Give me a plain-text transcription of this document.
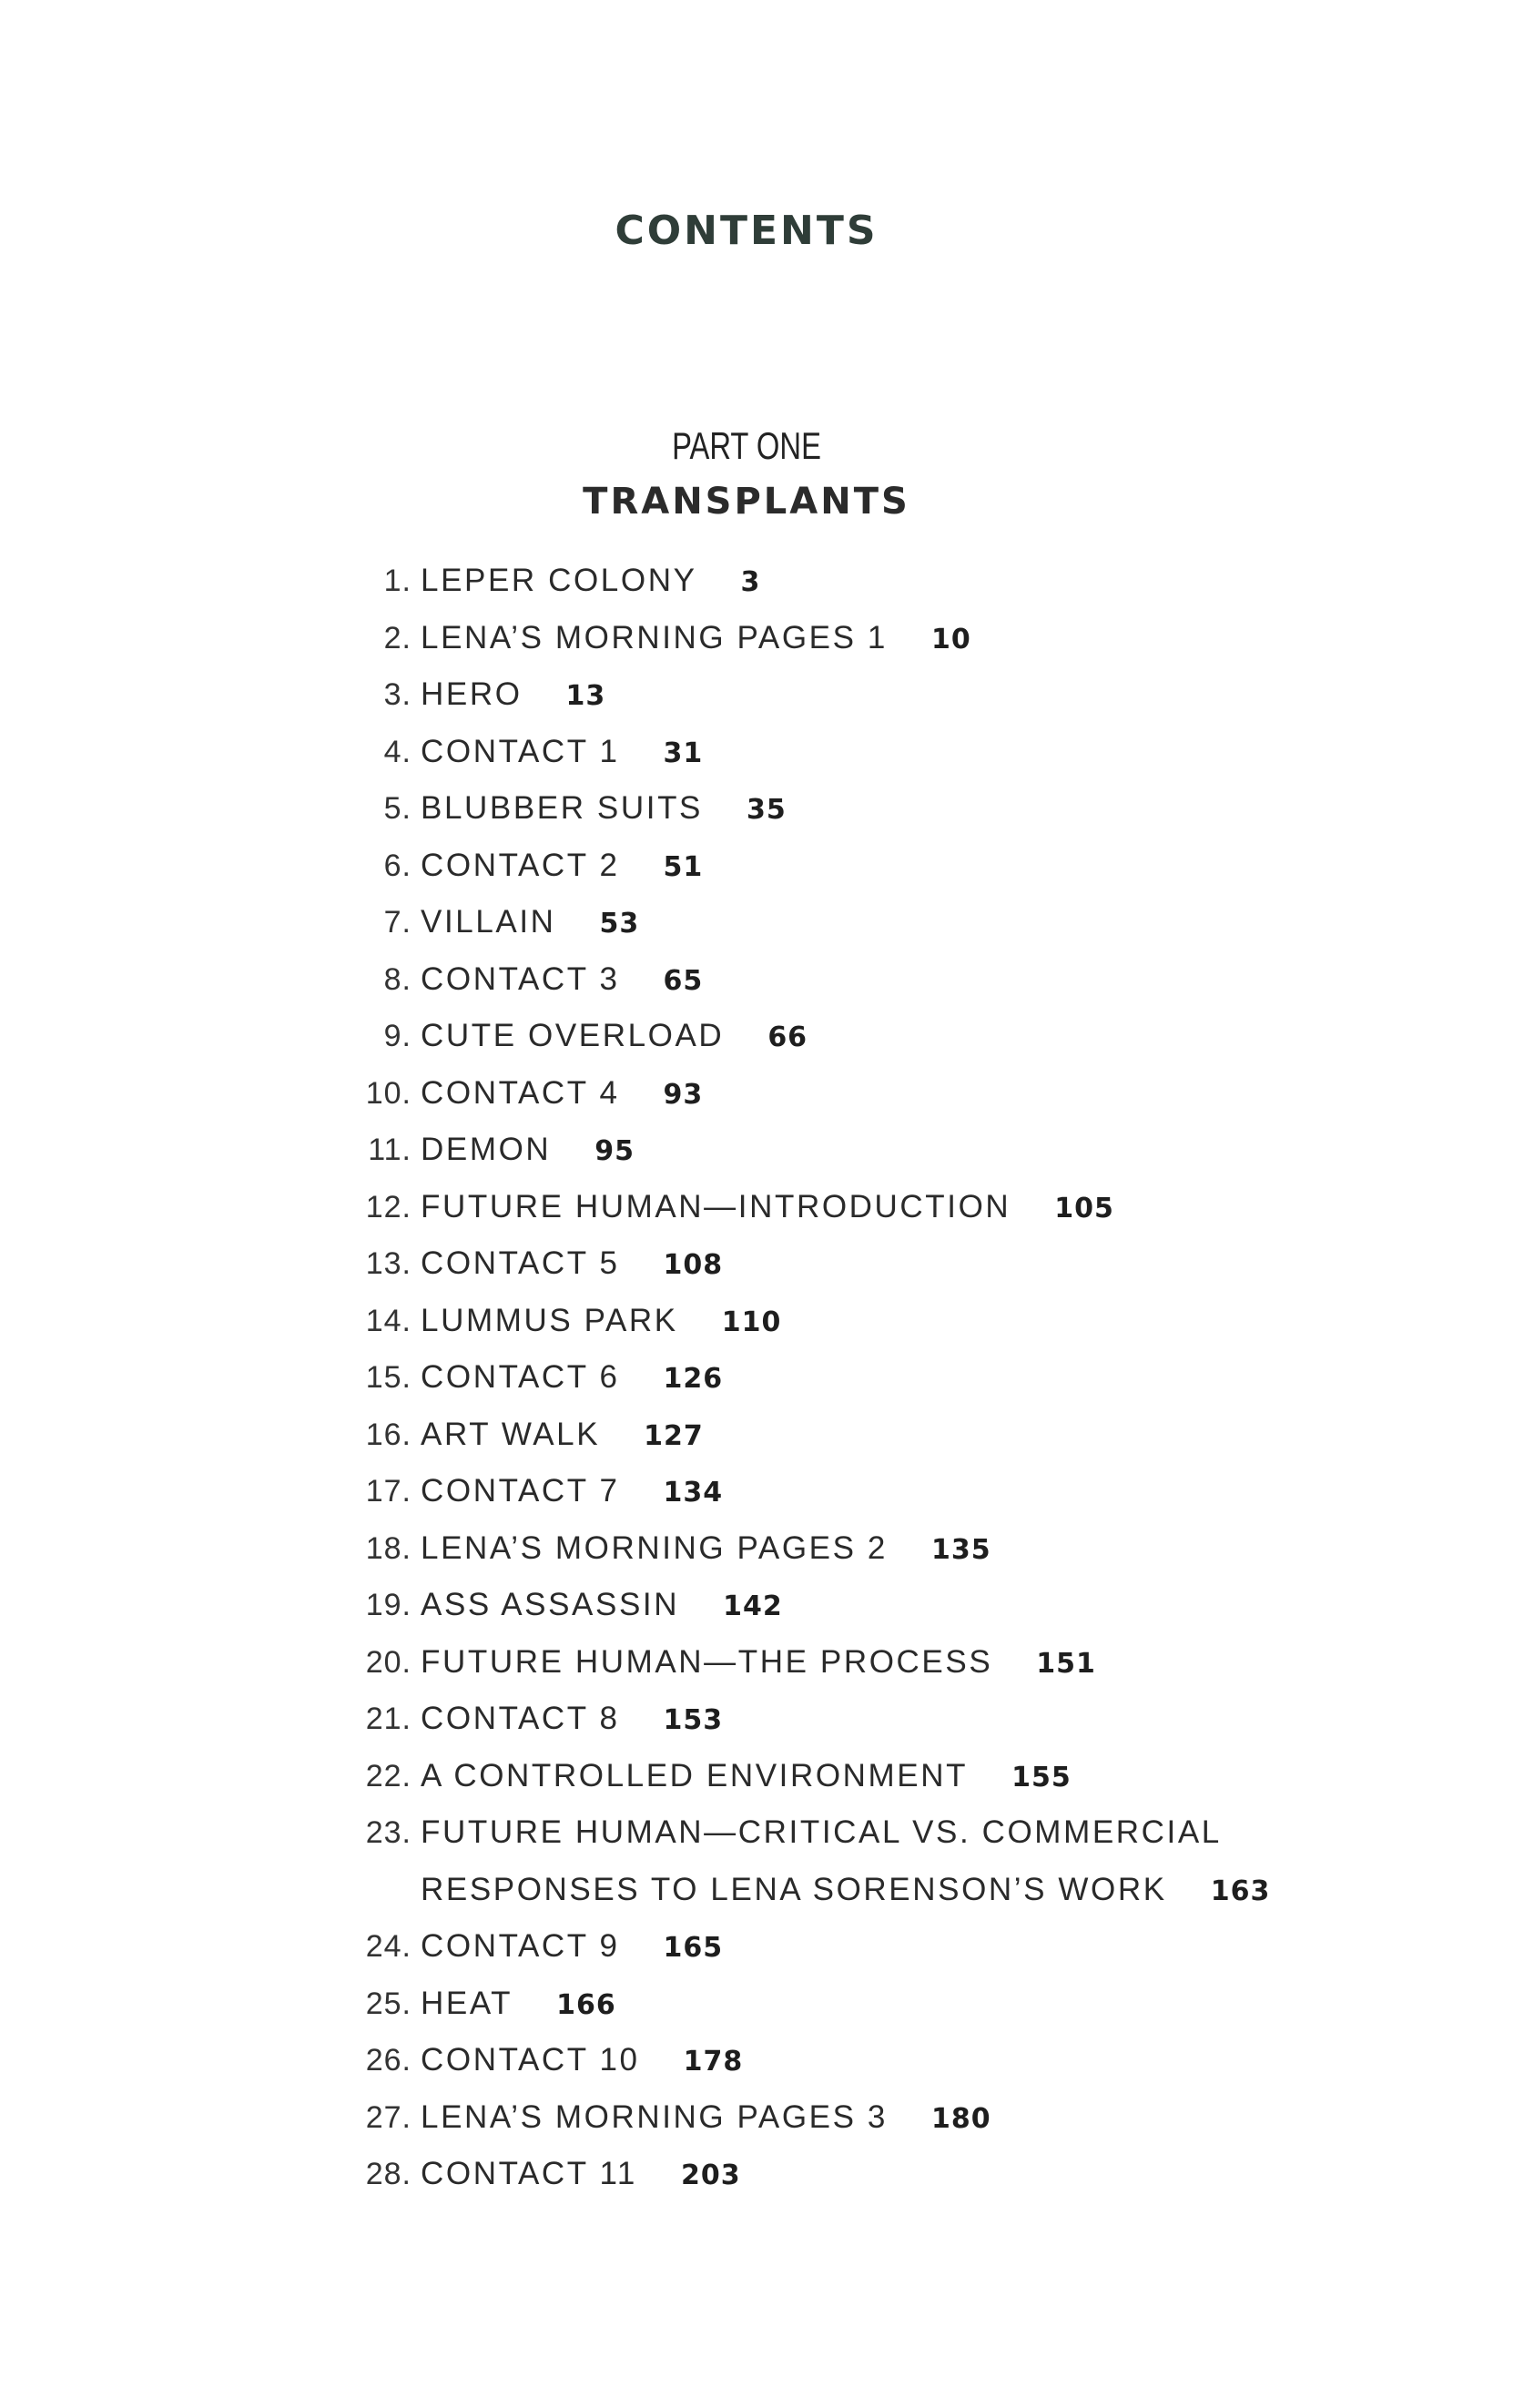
CONTENTS
PART ONE
TRANSPLANTS
1. LEPER COLONY 3
2. LENA’S MORNING PAGES 1 10
3. HERO 13
4. CONTACT 1 31
5. BLUBBER SUITS 35
6. CONTACT 2 51
7. VILLAIN 53
8. CONTACT 3 65
9. CUTE OVERLOAD 66
10. CONTACT 4 93
11. DEMON 95
12. FUTURE HUMAN—INTRODUCTION 105
13. CONTACT 5 108
14. LUMMUS PARK 110
15. CONTACT 6 126
16. ART WALK 127
17. CONTACT 7 134
18. LENA’S MORNING PAGES 2 135
19. ASS ASSASSIN 142
20. FUTURE HUMAN—THE PROCESS 151
21. CONTACT 8 153
22. A CONTROLLED ENVIRONMENT 155
23. FUTURE HUMAN—CRITICAL VS. COMMERCIAL
RESPONSES TO LENA SORENSON’S WORK 163
24. CONTACT 9 165
25. HEAT 166
26. CONTACT 10 178
27. LENA’S MORNING PAGES 3 180
28. CONTACT 11 203
